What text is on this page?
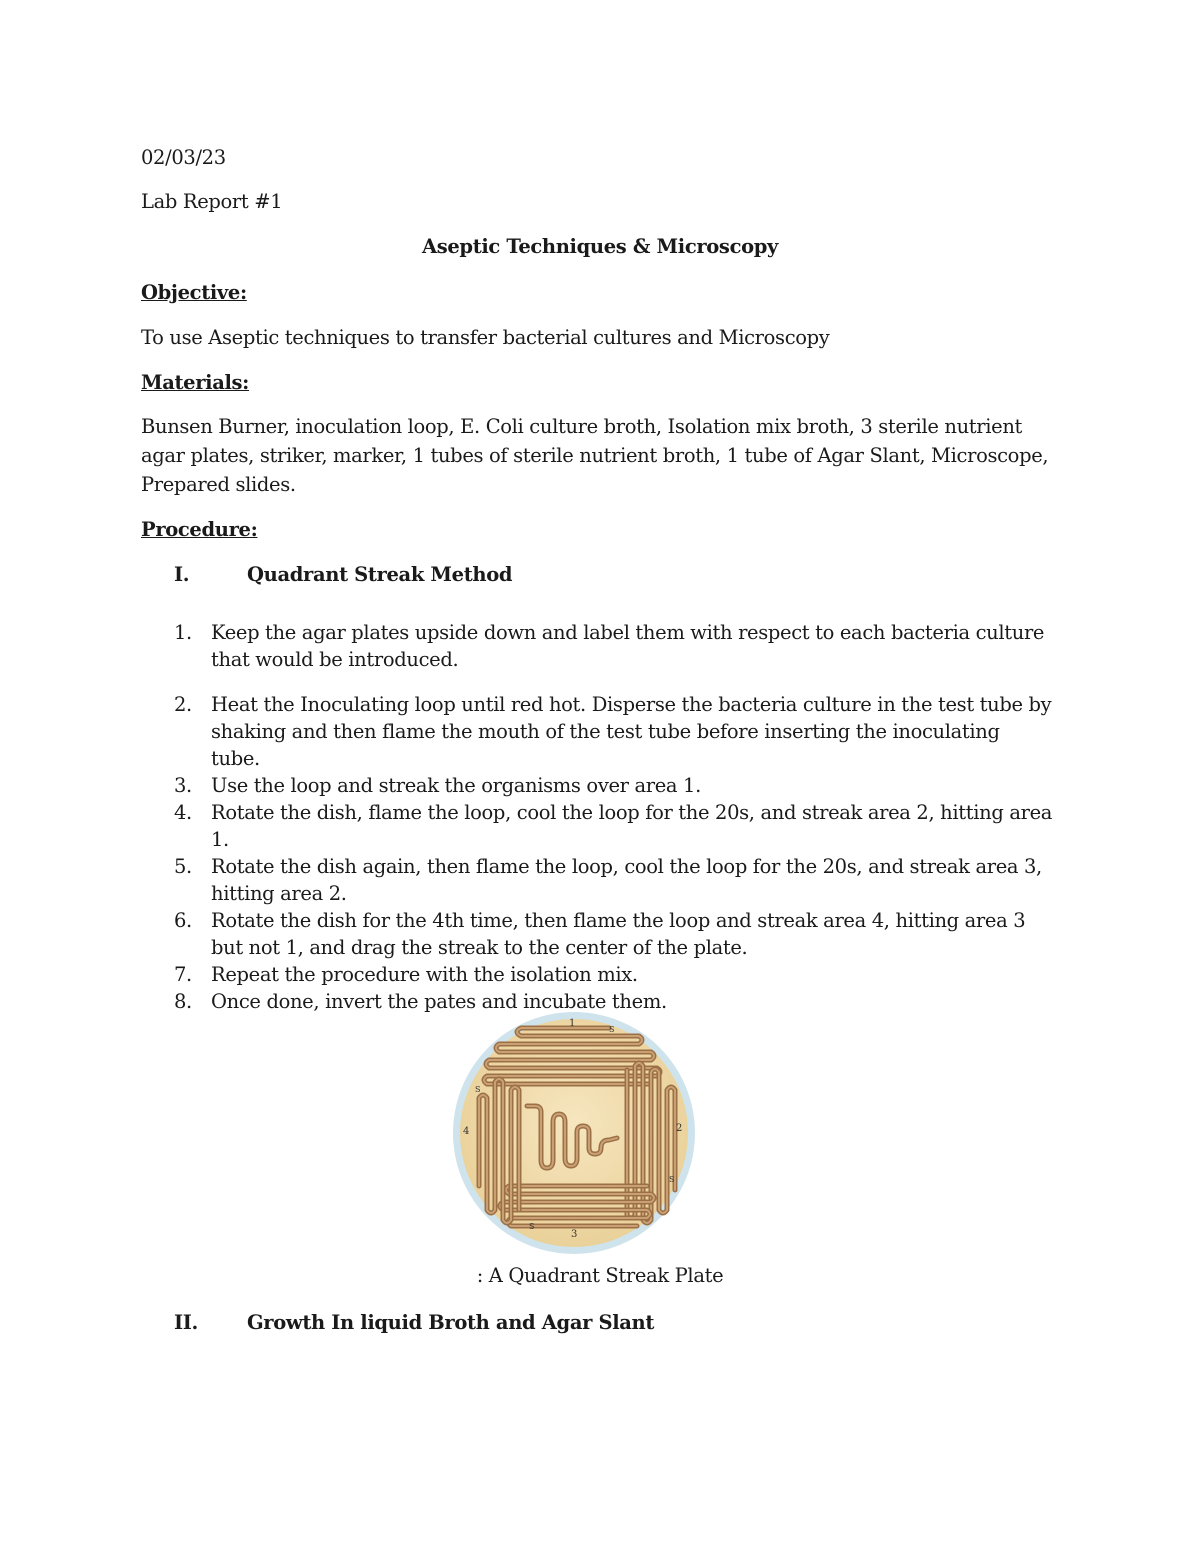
02/03/23
Lab Report #1
Aseptic Techniques & Microscopy
Objective:
To use Aseptic techniques to transfer bacterial cultures and Microscopy
Materials:
Bunsen Burner, inoculation loop, E. Coli culture broth, Isolation mix broth, 3 sterile nutrient agar plates, striker, marker, 1 tubes of sterile nutrient broth, 1 tube of Agar Slant, Microscope, Prepared slides.
Procedure:
I.	Quadrant Streak Method
1. Keep the agar plates upside down and label them with respect to each bacteria culture that would be introduced.
2. Heat the Inoculating loop until red hot. Disperse the bacteria culture in the test tube by shaking and then flame the mouth of the test tube before inserting the inoculating tube.
3. Use the loop and streak the organisms over area 1.
4. Rotate the dish, flame the loop, cool the loop for the 20s, and streak area 2, hitting area 1.
5. Rotate the dish again, then flame the loop, cool the loop for the 20s, and streak area 3, hitting area 2.
6. Rotate the dish for the 4th time, then flame the loop and streak area 4, hitting area 3 but not 1, and drag the streak to the center of the plate.
7. Repeat the procedure with the isolation mix.
8. Once done, invert the pates and incubate them.
1
S
2
S
3
S
4
S
: A Quadrant Streak Plate
II.	Growth In liquid Broth and Agar Slant
